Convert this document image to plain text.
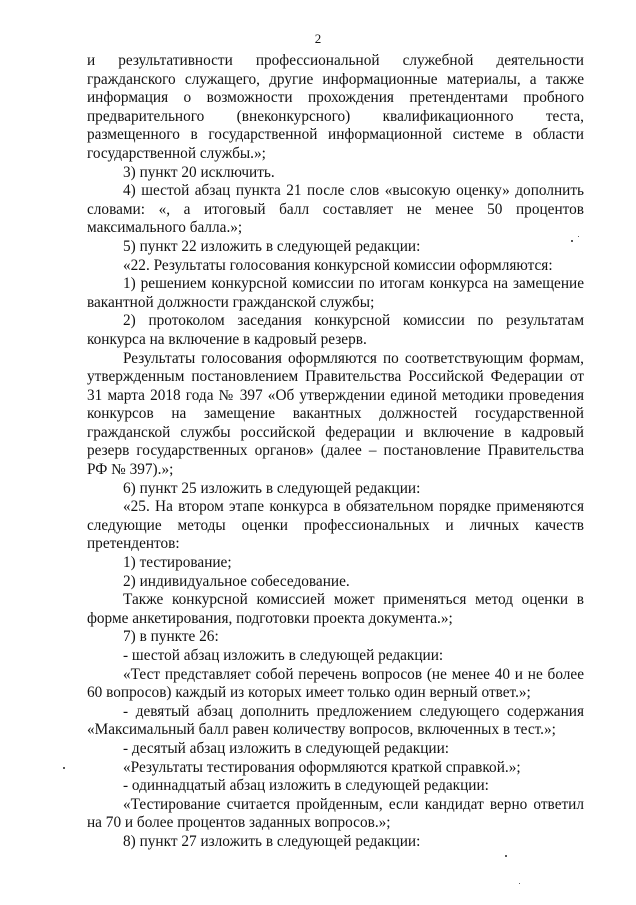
2

и результативности профессиональной служебной деятельности гражданского служащего, другие информационные материалы, а также информация о возможности прохождения претендентами пробного предварительного (внеконкурсного) квалификационного теста, размещенного в государственной информационной системе в области государственной службы.»;

3) пункт 20 исключить.

4) шестой абзац пункта 21 после слов «высокую оценку» дополнить словами: «, а итоговый балл составляет не менее 50 процентов максимального балла.»;

5) пункт 22 изложить в следующей редакции:

«22. Результаты голосования конкурсной комиссии оформляются:

1) решением конкурсной комиссии по итогам конкурса на замещение вакантной должности гражданской службы;

2) протоколом заседания конкурсной комиссии по результатам конкурса на включение в кадровый резерв.

Результаты голосования оформляются по соответствующим формам, утвержденным постановлением Правительства Российской Федерации от 31 марта 2018 года № 397 «Об утверждении единой методики проведения конкурсов на замещение вакантных должностей государственной гражданской службы российской федерации и включение в кадровый резерв государственных органов» (далее – постановление Правительства РФ № 397).»;

6) пункт 25 изложить в следующей редакции:

«25. На втором этапе конкурса в обязательном порядке применяются следующие методы оценки профессиональных и личных качеств претендентов:

1) тестирование;

2) индивидуальное собеседование.

Также конкурсной комиссией может применяться метод оценки в форме анкетирования, подготовки проекта документа.»;

7) в пункте 26:

- шестой абзац изложить в следующей редакции:

«Тест представляет собой перечень вопросов (не менее 40 и не более 60 вопросов) каждый из которых имеет только один верный ответ.»;

- девятый абзац дополнить предложением следующего содержания «Максимальный балл равен количеству вопросов, включенных в тест.»;

- десятый абзац изложить в следующей редакции:

«Результаты тестирования оформляются краткой справкой.»;

- одиннадцатый абзац изложить в следующей редакции:

«Тестирование считается пройденным, если кандидат верно ответил на 70 и более процентов заданных вопросов.»;

8) пункт 27 изложить в следующей редакции:
